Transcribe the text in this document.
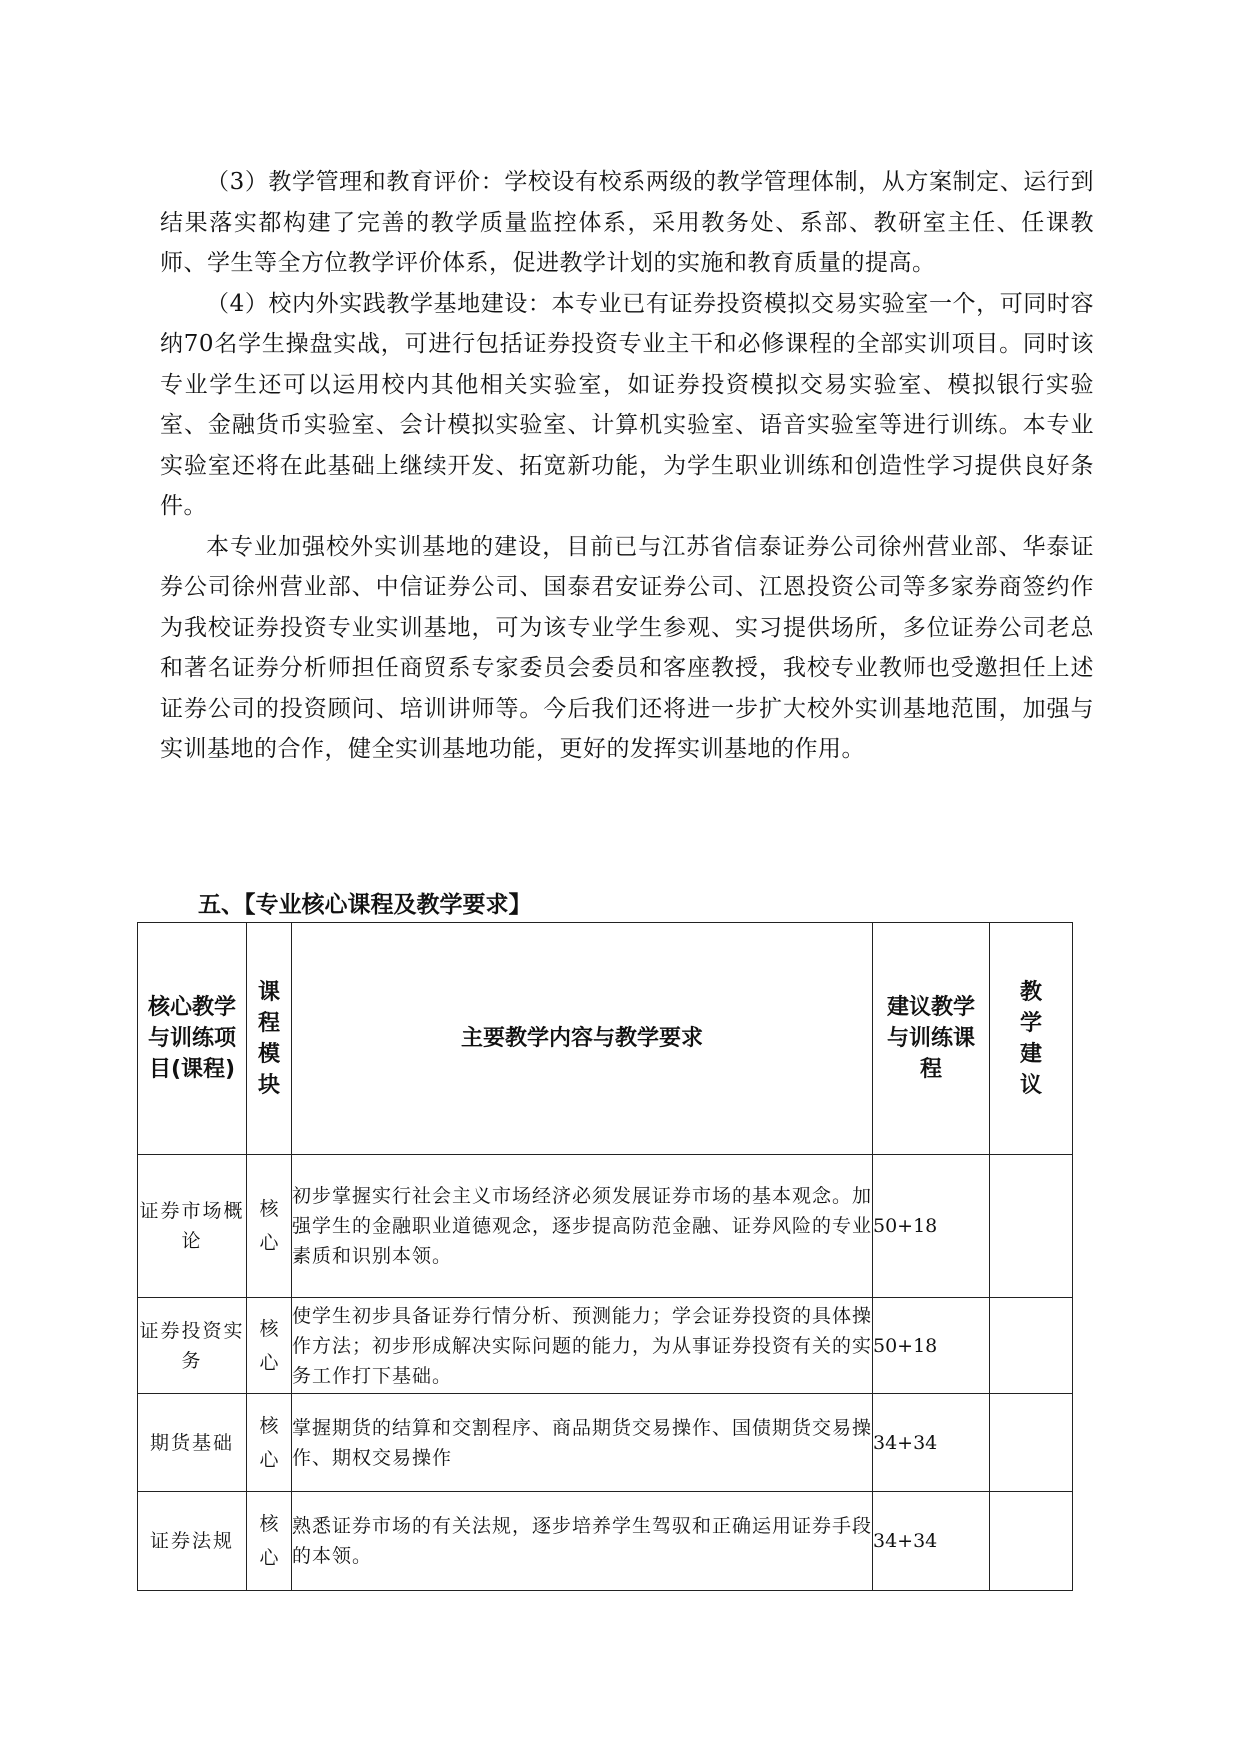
（3）教学管理和教育评价：学校设有校系两级的教学管理体制，从方案制定、运行到结果落实都构建了完善的教学质量监控体系，采用教务处、系部、教研室主任、任课教师、学生等全方位教学评价体系，促进教学计划的实施和教育质量的提高。

（4）校内外实践教学基地建设：本专业已有证券投资模拟交易实验室一个，可同时容纳70名学生操盘实战，可进行包括证券投资专业主干和必修课程的全部实训项目。同时该专业学生还可以运用校内其他相关实验室，如证券投资模拟交易实验室、模拟银行实验室、金融货币实验室、会计模拟实验室、计算机实验室、语音实验室等进行训练。本专业实验室还将在此基础上继续开发、拓宽新功能，为学生职业训练和创造性学习提供良好条件。

本专业加强校外实训基地的建设，目前已与江苏省信泰证券公司徐州营业部、华泰证券公司徐州营业部、中信证券公司、国泰君安证券公司、江恩投资公司等多家券商签约作为我校证券投资专业实训基地，可为该专业学生参观、实习提供场所，多位证券公司老总和著名证券分析师担任商贸系专家委员会委员和客座教授，我校专业教师也受邀担任上述证券公司的投资顾问、培训讲师等。今后我们还将进一步扩大校外实训基地范围，加强与实训基地的合作，健全实训基地功能，更好的发挥实训基地的作用。

五、【专业核心课程及教学要求】
核心教学与训练项目(课程)	课程模块	主要教学内容与教学要求	建议教学与训练课程	教学建议
证券市场概论	核心	初步掌握实行社会主义市场经济必须发展证券市场的基本观念。加强学生的金融职业道德观念，逐步提高防范金融、证券风险的专业素质和识别本领。	50+18	
证券投资实务	核心	使学生初步具备证券行情分析、预测能力；学会证券投资的具体操作方法；初步形成解决实际问题的能力，为从事证券投资有关的实务工作打下基础。	50+18	
期货基础	核心	掌握期货的结算和交割程序、商品期货交易操作、国债期货交易操作、期权交易操作	34+34	
证券法规	核心	熟悉证券市场的有关法规，逐步培养学生驾驭和正确运用证券手段的本领。	34+34	
